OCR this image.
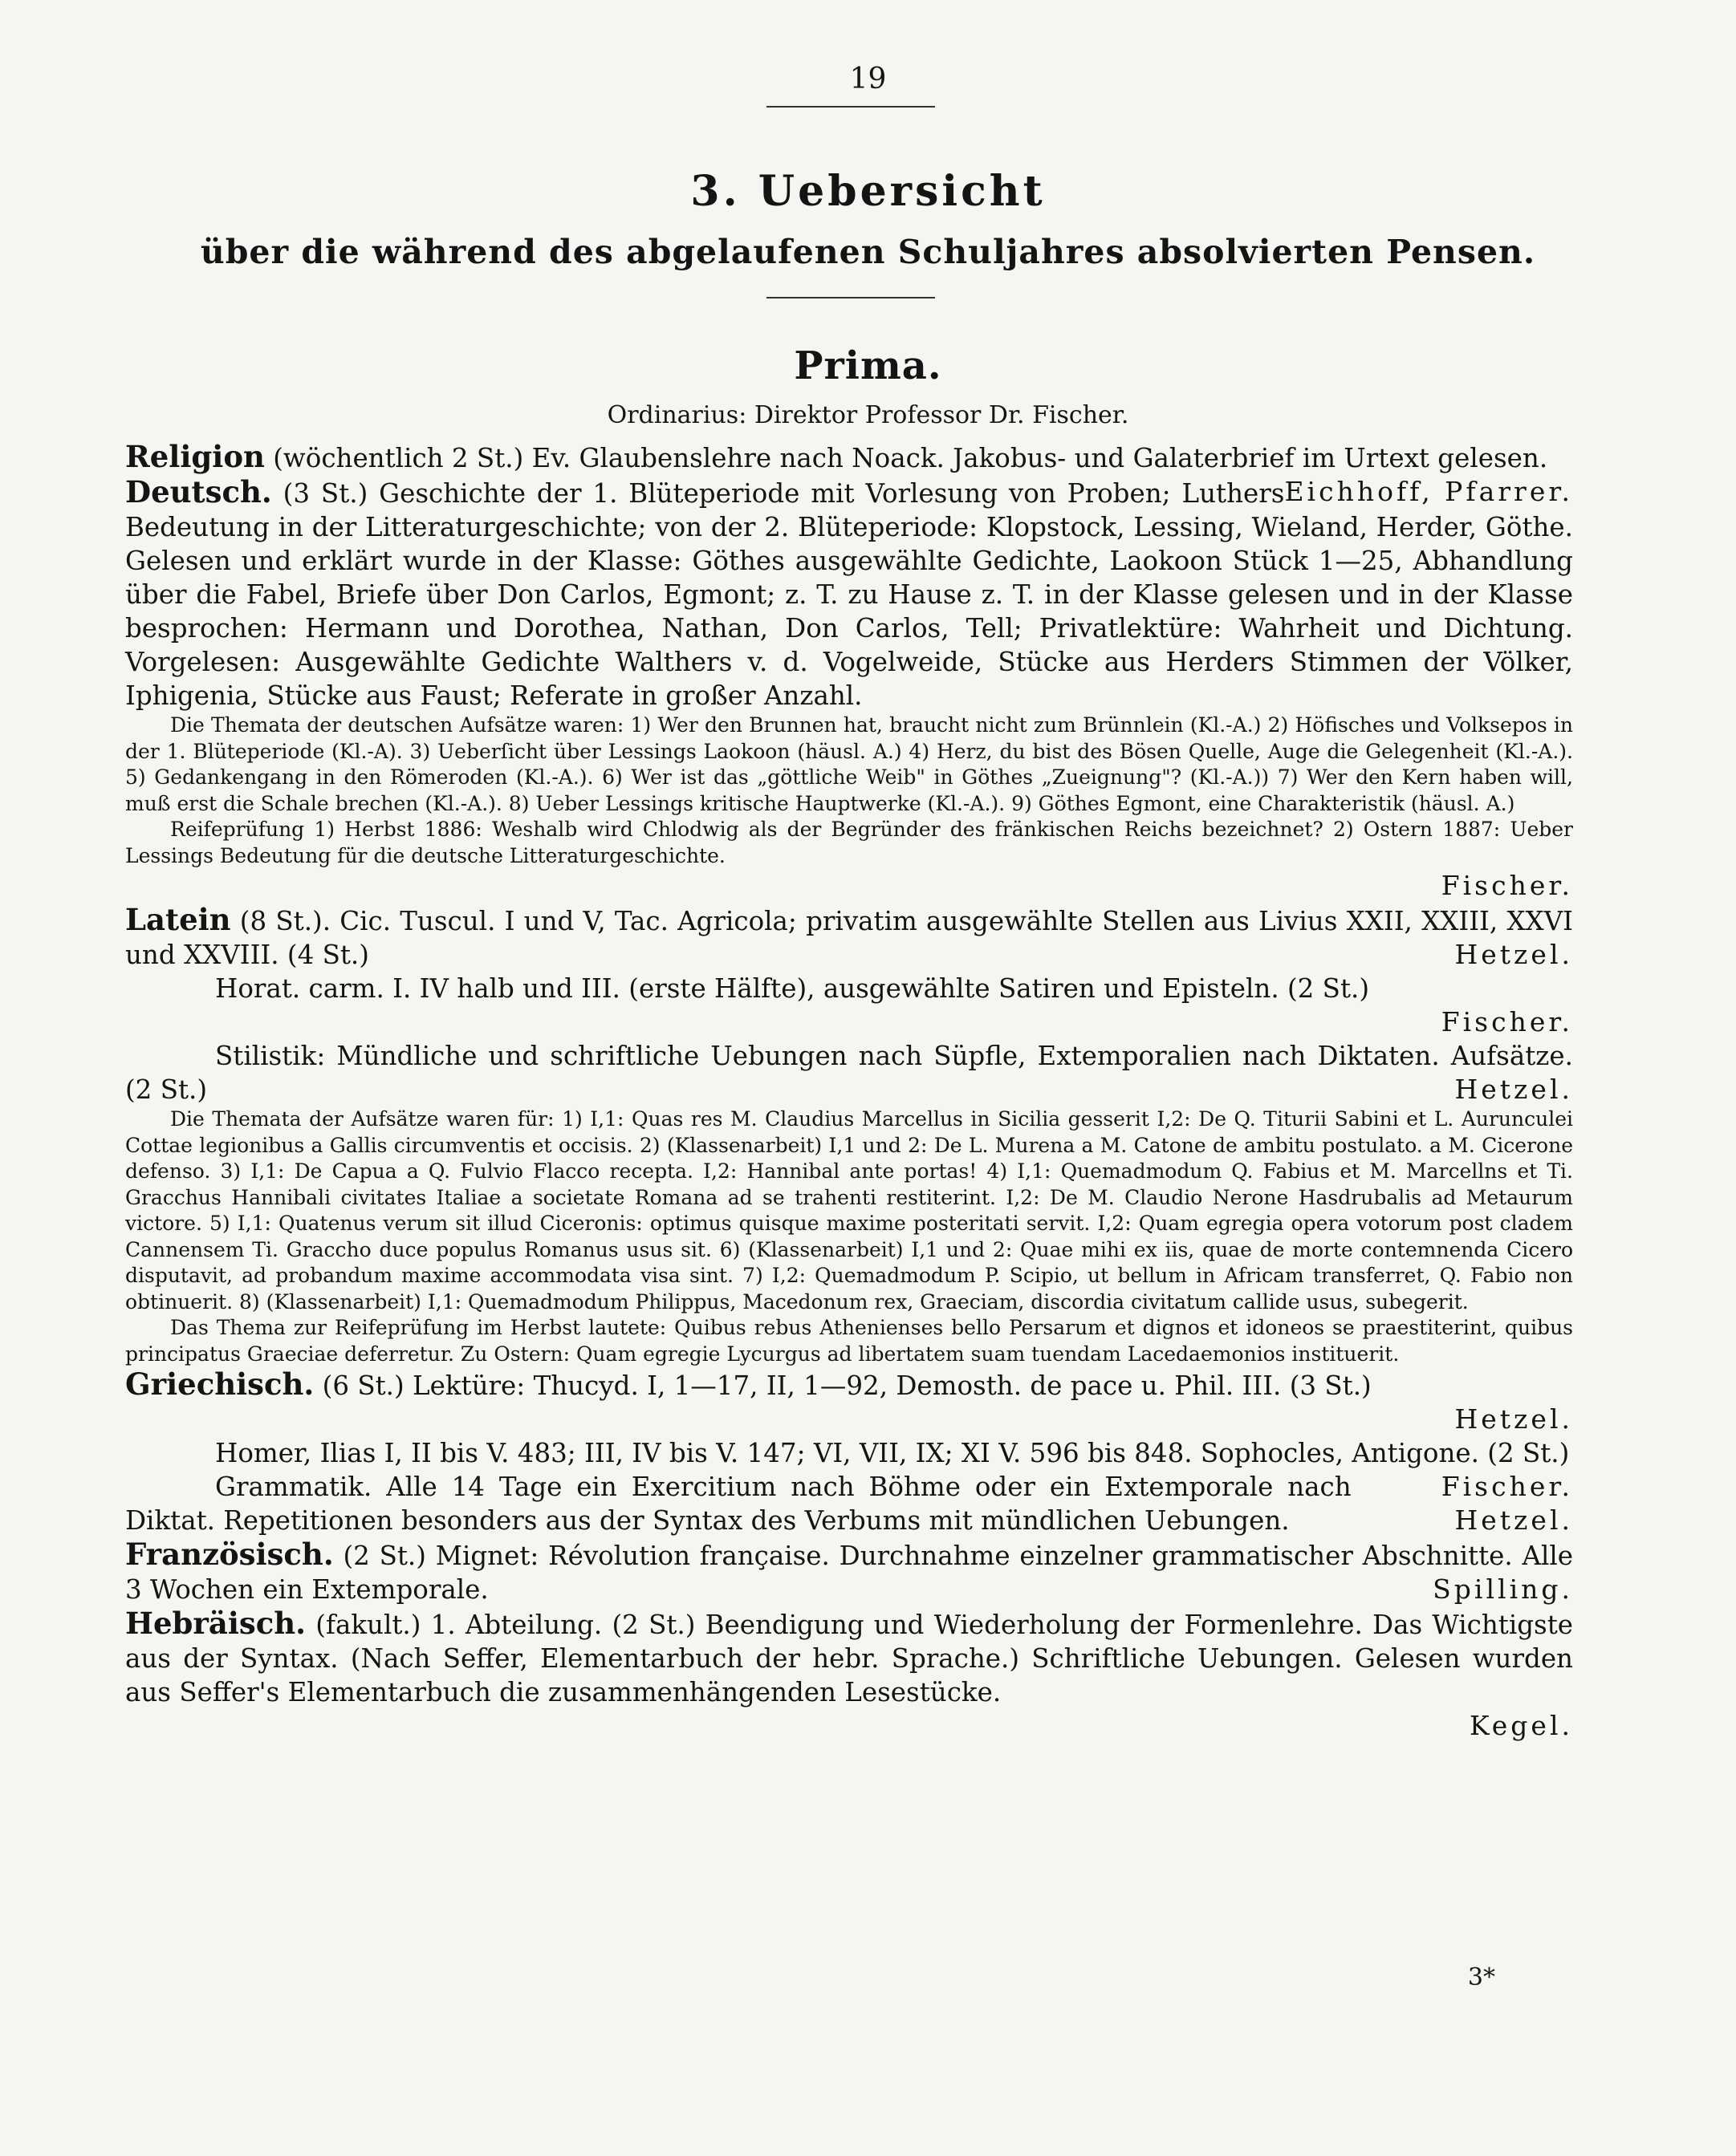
19
3. Uebersicht
über die während des abgelaufenen Schuljahres absolvierten Pensen.
Prima.
Ordinarius: Direktor Professor Dr. Fischer.

Religion (wöchentlich 2 St.) Ev. Glaubenslehre nach Noack. Jakobus- und Galaterbrief im Urtext gelesen.
Eichhoff, Pfarrer.

Deutsch. (3 St.) Geschichte der 1. Blüteperiode mit Vorlesung von Proben; Luthers Bedeutung in der Litteraturgeschichte; von der 2. Blüteperiode: Klopstock, Lessing, Wieland, Herder, Göthe. Gelesen und erklärt wurde in der Klasse: Göthes ausgewählte Gedichte, Laokoon Stück 1—25, Abhandlung über die Fabel, Briefe über Don Carlos, Egmont; z. T. zu Hause z. T. in der Klasse gelesen und in der Klasse besprochen: Hermann und Dorothea, Nathan, Don Carlos, Tell; Privatlektüre: Wahrheit und Dichtung. Vorgelesen: Ausgewählte Gedichte Walthers v. d. Vogelweide, Stücke aus Herders Stimmen der Völker, Iphigenia, Stücke aus Faust; Referate in großer Anzahl.

Die Themata der deutschen Aufsätze waren: 1) Wer den Brunnen hat, braucht nicht zum Brünnlein (Kl.-A.) 2) Höfisches und Volksepos in der 1. Blüteperiode (Kl.-A). 3) Ueberſicht über Lessings Laokoon (häusl. A.) 4) Herz, du bist des Bösen Quelle, Auge die Gelegenheit (Kl.-A.). 5) Gedankengang in den Römeroden (Kl.-A.). 6) Wer ist das „göttliche Weib" in Göthes „Zueignung"? (Kl.-A.)) 7) Wer den Kern haben will, muß erst die Schale brechen (Kl.-A.). 8) Ueber Lessings kritische Hauptwerke (Kl.-A.). 9) Göthes Egmont, eine Charakteristik (häusl. A.)

Reifeprüfung 1) Herbst 1886: Weshalb wird Chlodwig als der Begründer des fränkischen Reichs bezeichnet? 2) Ostern 1887: Ueber Lessings Bedeutung für die deutsche Litteraturgeschichte.

Fischer.

Latein (8 St.). Cic. Tuscul. I und V, Tac. Agricola; privatim ausgewählte Stellen aus Livius XXII, XXIII, XXVI und XXVIII. (4 St.)	Hetzel.

Horat. carm. I. IV halb und III. (erste Hälfte), ausgewählte Satiren und Episteln. (2 St.)

Fischer.

Stilistik: Mündliche und schriftliche Uebungen nach Süpfle, Extemporalien nach Diktaten. Aufsätze. (2 St.)	Hetzel.

Die Themata der Aufsätze waren für: 1) I,1: Quas res M. Claudius Marcellus in Sicilia gesserit I,2: De Q. Titurii Sabini et L. Aurunculei Cottae legionibus a Gallis circumventis et occisis. 2) (Klassenarbeit) I,1 und 2: De L. Murena a M. Catone de ambitu postulato. a M. Cicerone defenso. 3) I,1: De Capua a Q. Fulvio Flacco recepta. I,2: Hannibal ante portas! 4) I,1: Quemadmodum Q. Fabius et M. Marcellns et Ti. Gracchus Hannibali civitates Italiae a societate Romana ad se trahenti restiterint. I,2: De M. Claudio Nerone Hasdrubalis ad Metaurum victore. 5) I,1: Quatenus verum sit illud Ciceronis: optimus quisque maxime posteritati servit. I,2: Quam egregia opera votorum post cladem Cannensem Ti. Graccho duce populus Romanus usus sit. 6) (Klassenarbeit) I,1 und 2: Quae mihi ex iis, quae de morte contemnenda Cicero disputavit, ad probandum maxime accommodata visa sint. 7) I,2: Quemadmodum P. Scipio, ut bellum in Africam transferret, Q. Fabio non obtinuerit. 8) (Klassenarbeit) I,1: Quemadmodum Philippus, Macedonum rex, Graeciam, discordia civitatum callide usus, subegerit.

Das Thema zur Reifeprüfung im Herbst lautete: Quibus rebus Athenienses bello Persarum et dignos et idoneos se praestiterint, quibus principatus Graeciae deferretur. Zu Ostern: Quam egregie Lycurgus ad libertatem suam tuendam Lacedaemonios instituerit.

Griechisch. (6 St.) Lektüre: Thucyd. I, 1—17, II, 1—92, Demosth. de pace u. Phil. III. (3 St.)

Hetzel.

Homer, Ilias I, II bis V. 483; III, IV bis V. 147; VI, VII, IX; XI V. 596 bis 848. Sophocles, Antigone. (2 St.)
Fischer.

Grammatik. Alle 14 Tage ein Exercitium nach Böhme oder ein Extemporale nach Diktat. Repetitionen besonders aus der Syntax des Verbums mit mündlichen Uebungen.	Hetzel.

Französisch. (2 St.) Mignet: Révolution française. Durchnahme einzelner grammatischer Abschnitte. Alle 3 Wochen ein Extemporale.	Spilling.

Hebräisch. (fakult.) 1. Abteilung. (2 St.) Beendigung und Wiederholung der Formenlehre. Das Wichtigste aus der Syntax. (Nach Seffer, Elementarbuch der hebr. Sprache.) Schriftliche Uebungen. Gelesen wurden aus Seffer's Elementarbuch die zusammenhängenden Lesestücke.

Kegel.

3*
